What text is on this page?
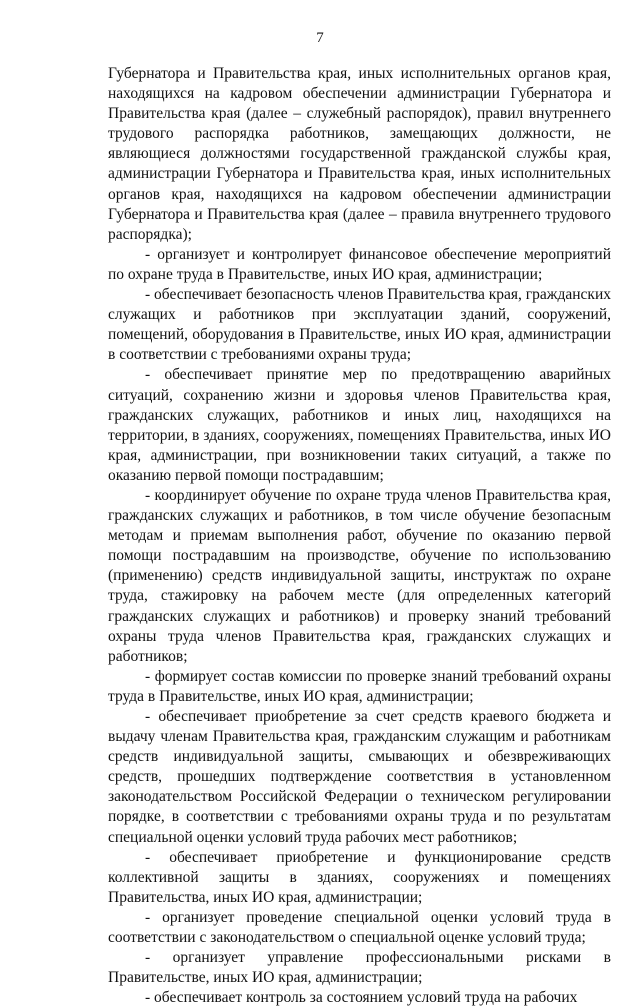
7

Губернатора и Правительства края, иных исполнительных органов края, находящихся на кадровом обеспечении администрации Губернатора и Правительства края (далее – служебный распорядок), правил внутреннего трудового распорядка работников, замещающих должности, не являющиеся должностями государственной гражданской службы края, администрации Губернатора и Правительства края, иных исполнительных органов края, находящихся на кадровом обеспечении администрации Губернатора и Правительства края (далее – правила внутреннего трудового распорядка);

- организует и контролирует финансовое обеспечение мероприятий по охране труда в Правительстве, иных ИО края, администрации;

- обеспечивает безопасность членов Правительства края, гражданских служащих и работников при эксплуатации зданий, сооружений, помещений, оборудования в Правительстве, иных ИО края, администрации в соответствии с требованиями охраны труда;

- обеспечивает принятие мер по предотвращению аварийных ситуаций, сохранению жизни и здоровья членов Правительства края, гражданских служащих, работников и иных лиц, находящихся на территории, в зданиях, сооружениях, помещениях Правительства, иных ИО края, администрации, при возникновении таких ситуаций, а также по оказанию первой помощи пострадавшим;

- координирует обучение по охране труда членов Правительства края, гражданских служащих и работников, в том числе обучение безопасным методам и приемам выполнения работ, обучение по оказанию первой помощи пострадавшим на производстве, обучение по использованию (применению) средств индивидуальной защиты, инструктаж по охране труда, стажировку на рабочем месте (для определенных категорий гражданских служащих и работников) и проверку знаний требований охраны труда членов Правительства края, гражданских служащих и работников;

- формирует состав комиссии по проверке знаний требований охраны труда в Правительстве, иных ИО края, администрации;

- обеспечивает приобретение за счет средств краевого бюджета и выдачу членам Правительства края, гражданским служащим и работникам средств индивидуальной защиты, смывающих и обезвреживающих средств, прошедших подтверждение соответствия в установленном законодательством Российской Федерации о техническом регулировании порядке, в соответствии с требованиями охраны труда и по результатам специальной оценки условий труда рабочих мест работников;

- обеспечивает приобретение и функционирование средств коллективной защиты в зданиях, сооружениях и помещениях Правительства, иных ИО края, администрации;

- организует проведение специальной оценки условий труда в соответствии с законодательством о специальной оценке условий труда;

- организует управление профессиональными рисками в Правительстве, иных ИО края, администрации;

- обеспечивает контроль за состоянием условий труда на рабочих
